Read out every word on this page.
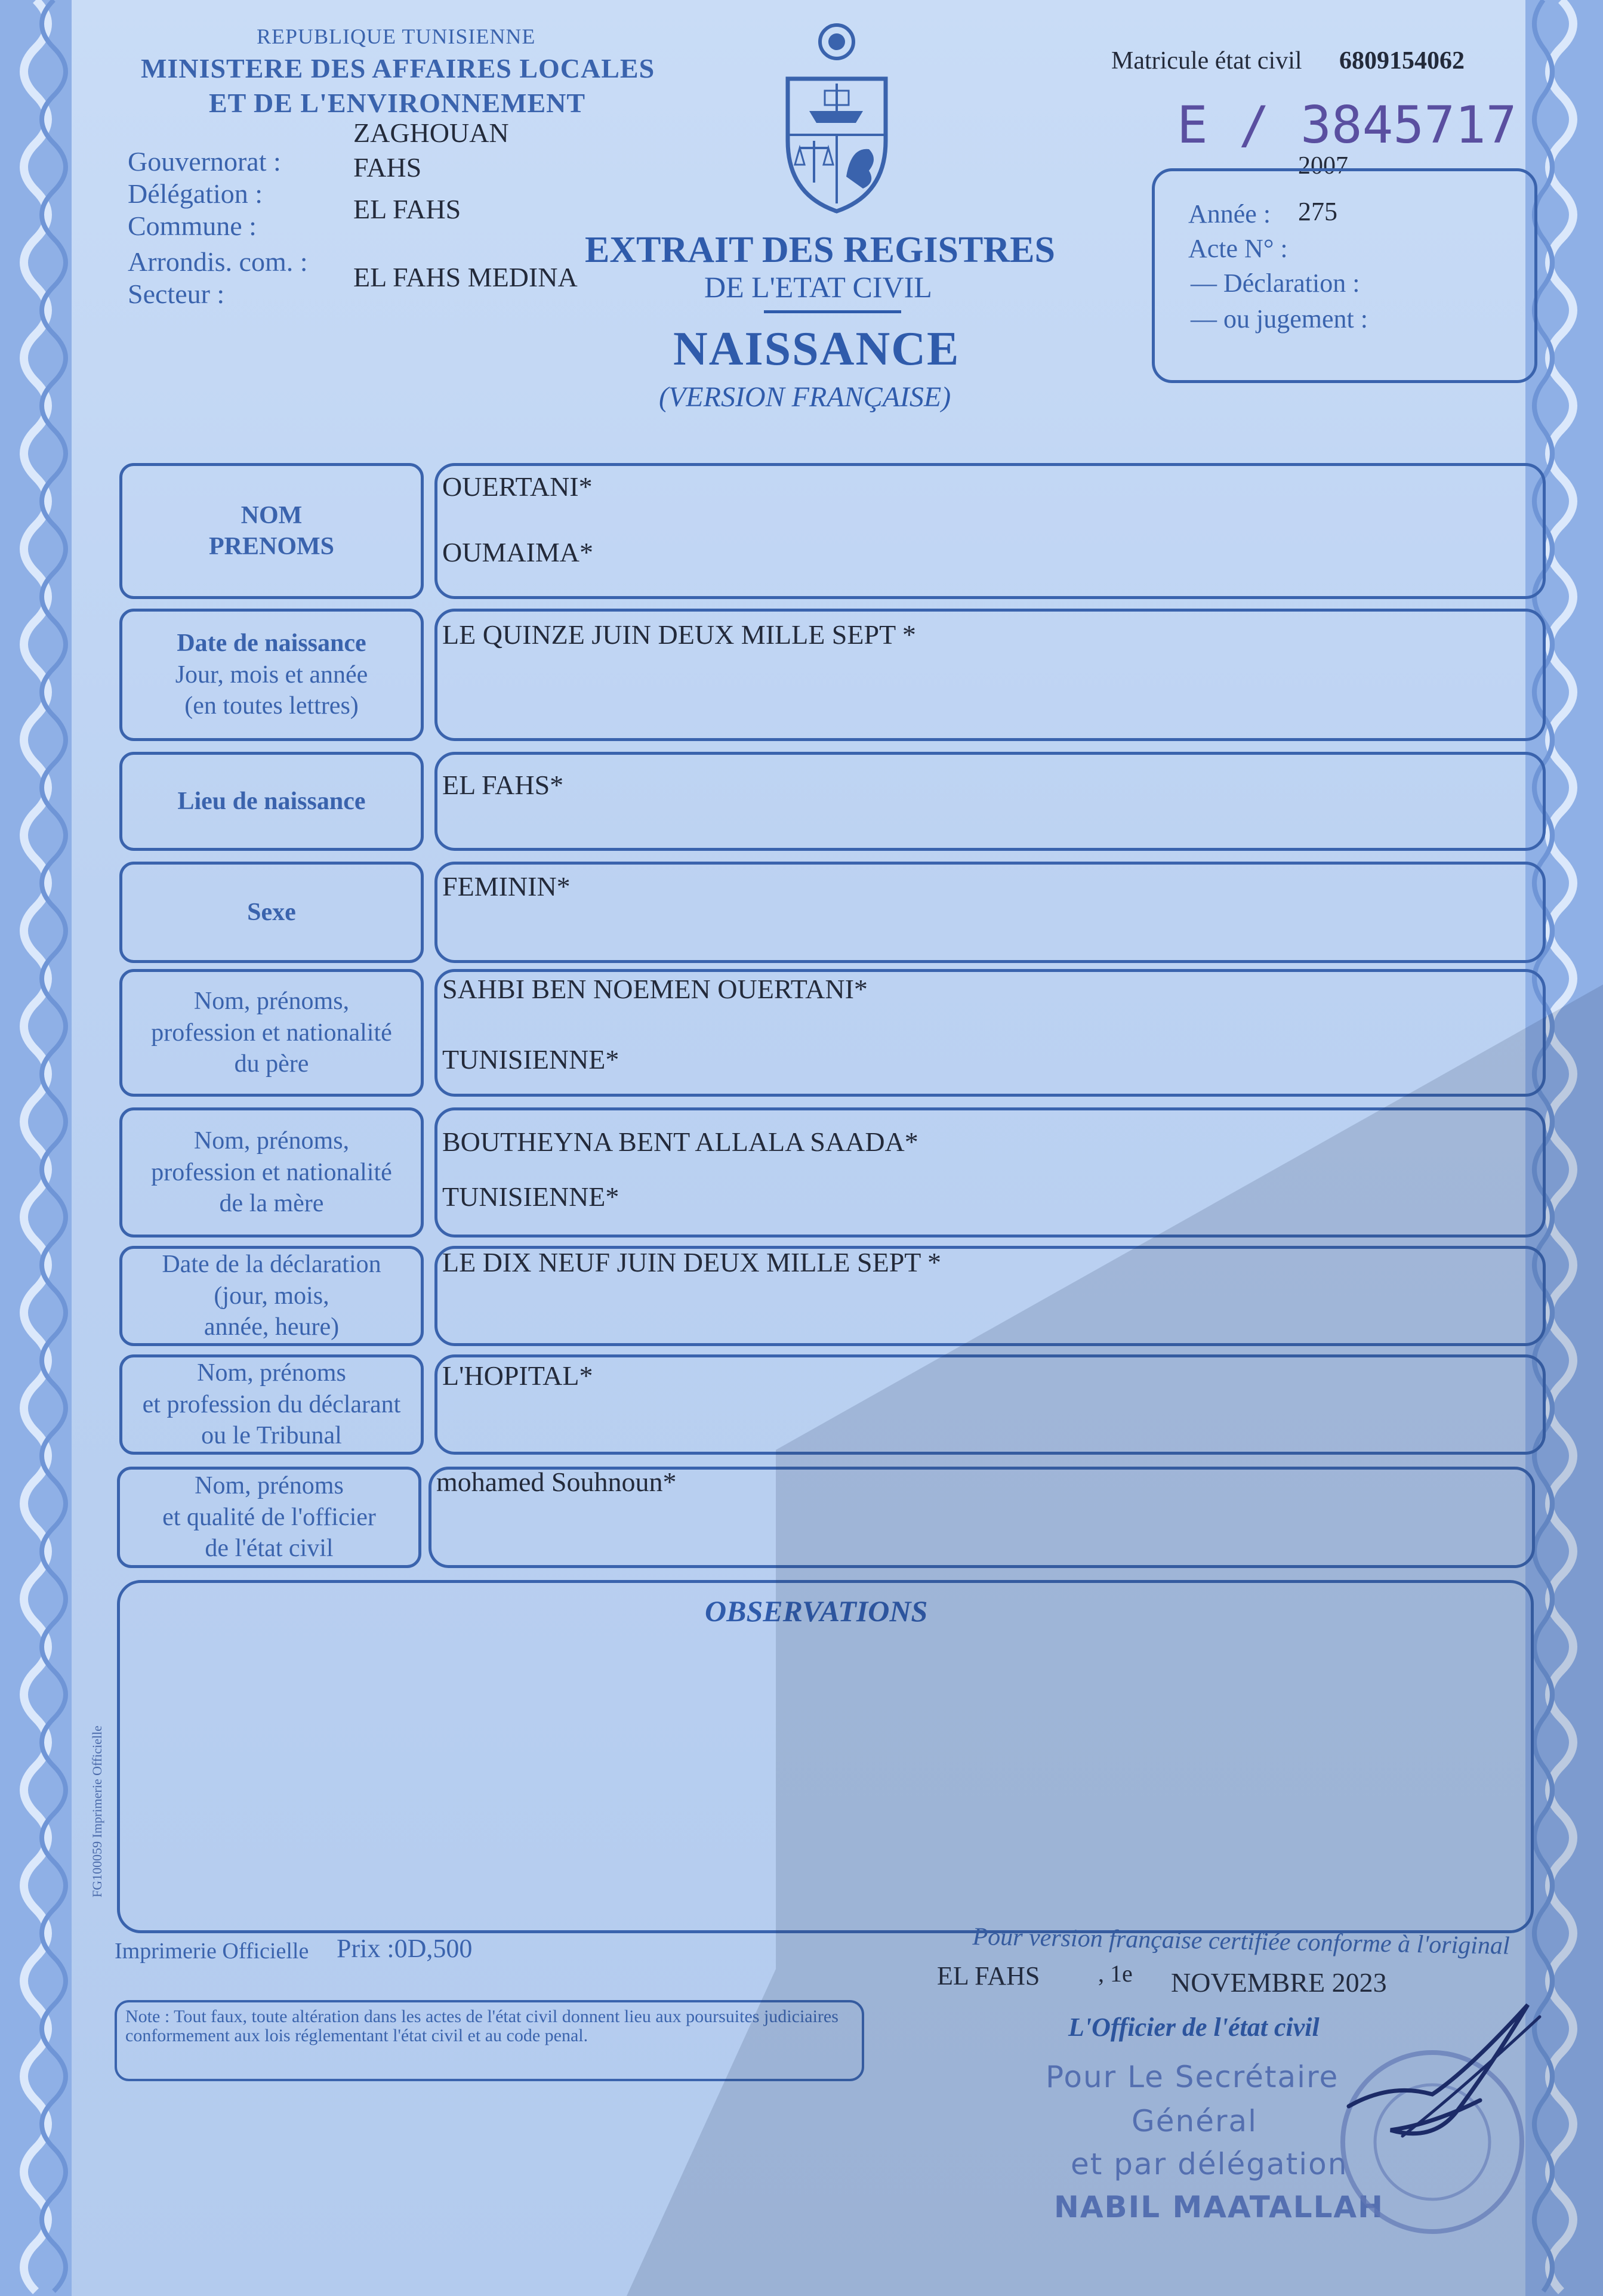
REPUBLIQUE TUNISIENNE
MINISTERE DES AFFAIRES LOCALES
ET DE L'ENVIRONNEMENT
ZAGHOUAN
Gouvernorat :	FAHS
Délégation :
EL FAHS
Commune :
Arrondis. com. :
EL FAHS MEDINA
Secteur :
EXTRAIT DES REGISTRES
DE L'ETAT CIVIL
NAISSANCE
(VERSION FRANÇAISE)
Matricule état civil 6809154062
E / 3845717
2007
Année : 275
Acte N° :
— Déclaration :
— ou jugement :
NOM
PRENOMS
OUERTANI*
OUMAIMA*
Date de naissance
Jour, mois et année
(en toutes lettres)
LE QUINZE JUIN DEUX MILLE SEPT *
Lieu de naissance
EL FAHS*
Sexe
FEMININ*
Nom, prénoms,
profession et nationalité
du père
SAHBI BEN NOEMEN OUERTANI*
TUNISIENNE*
Nom, prénoms,
profession et nationalité
de la mère
BOUTHEYNA BENT ALLALA SAADA*
TUNISIENNE*
Date de la déclaration
(jour, mois,
année, heure)
LE DIX NEUF JUIN DEUX MILLE SEPT *
Nom, prénoms
et profession du déclarant
ou le Tribunal
L'HOPITAL*
Nom, prénoms
et qualité de l'officier
de l'état civil
mohamed Souhnoun*
OBSERVATIONS
FG100059 Imprimerie Officielle
Imprimerie Officielle Prix :0D,500	Pour version française certifiée conforme à l'original
EL FAHS , 1e NOVEMBRE 2023
L'Officier de l'état civil
Note : Tout faux, toute altération dans les actes de l'état civil donnent lieu aux poursuites judiciaires conformement aux lois réglementant l'état civil et au code penal.
Pour Le Secrétaire
Général
et par délégation
NABIL MAATALLAH
